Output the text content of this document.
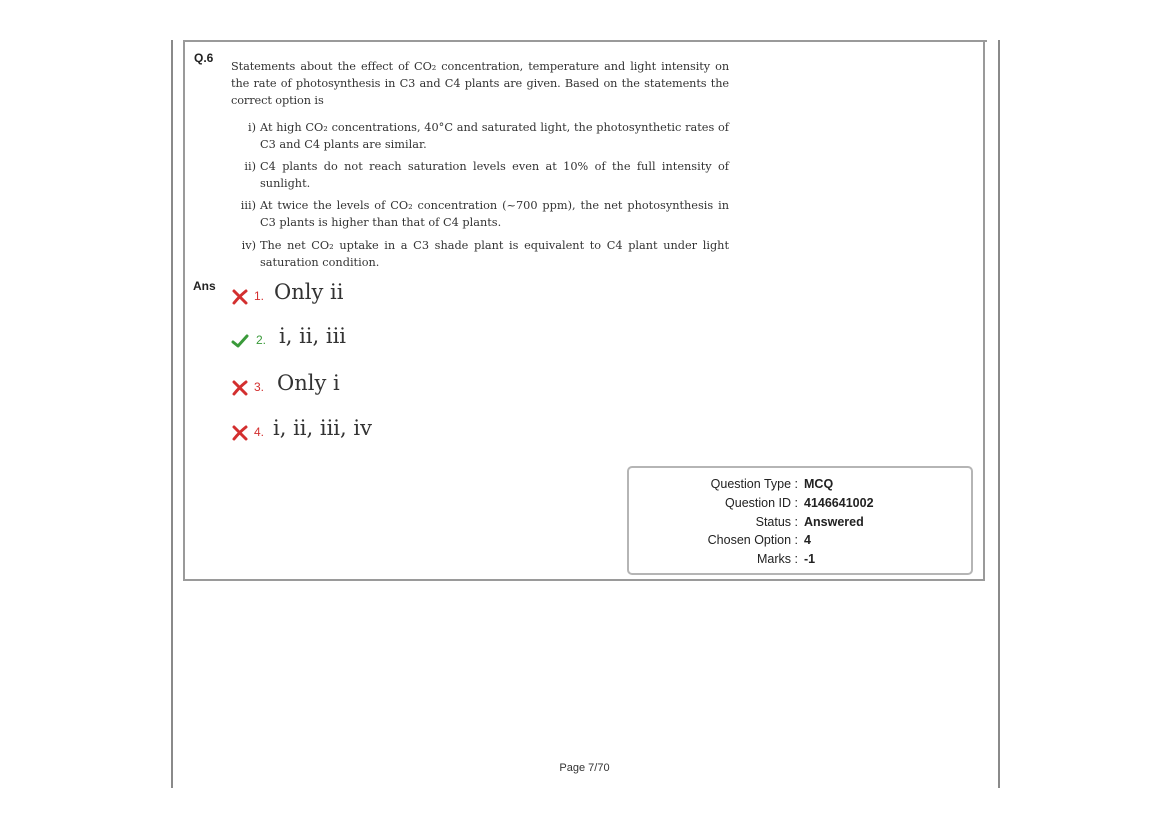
Q.6
Statements about the effect of CO₂ concentration, temperature and light intensity on the rate of photosynthesis in C3 and C4 plants are given. Based on the statements the correct option is
i) At high CO₂ concentrations, 40°C and saturated light, the photosynthetic rates of C3 and C4 plants are similar.
ii) C4 plants do not reach saturation levels even at 10% of the full intensity of sunlight.
iii) At twice the levels of CO₂ concentration (~700 ppm), the net photosynthesis in C3 plants is higher than that of C4 plants.
iv) The net CO₂ uptake in a C3 shade plant is equivalent to C4 plant under light saturation condition.
Ans
1. Only ii
2. i, ii, iii
3. Only i
4. i, ii, iii, iv
Question Type : MCQ
Question ID : 4146641002
Status : Answered
Chosen Option : 4
Marks : -1
Page 7/70
